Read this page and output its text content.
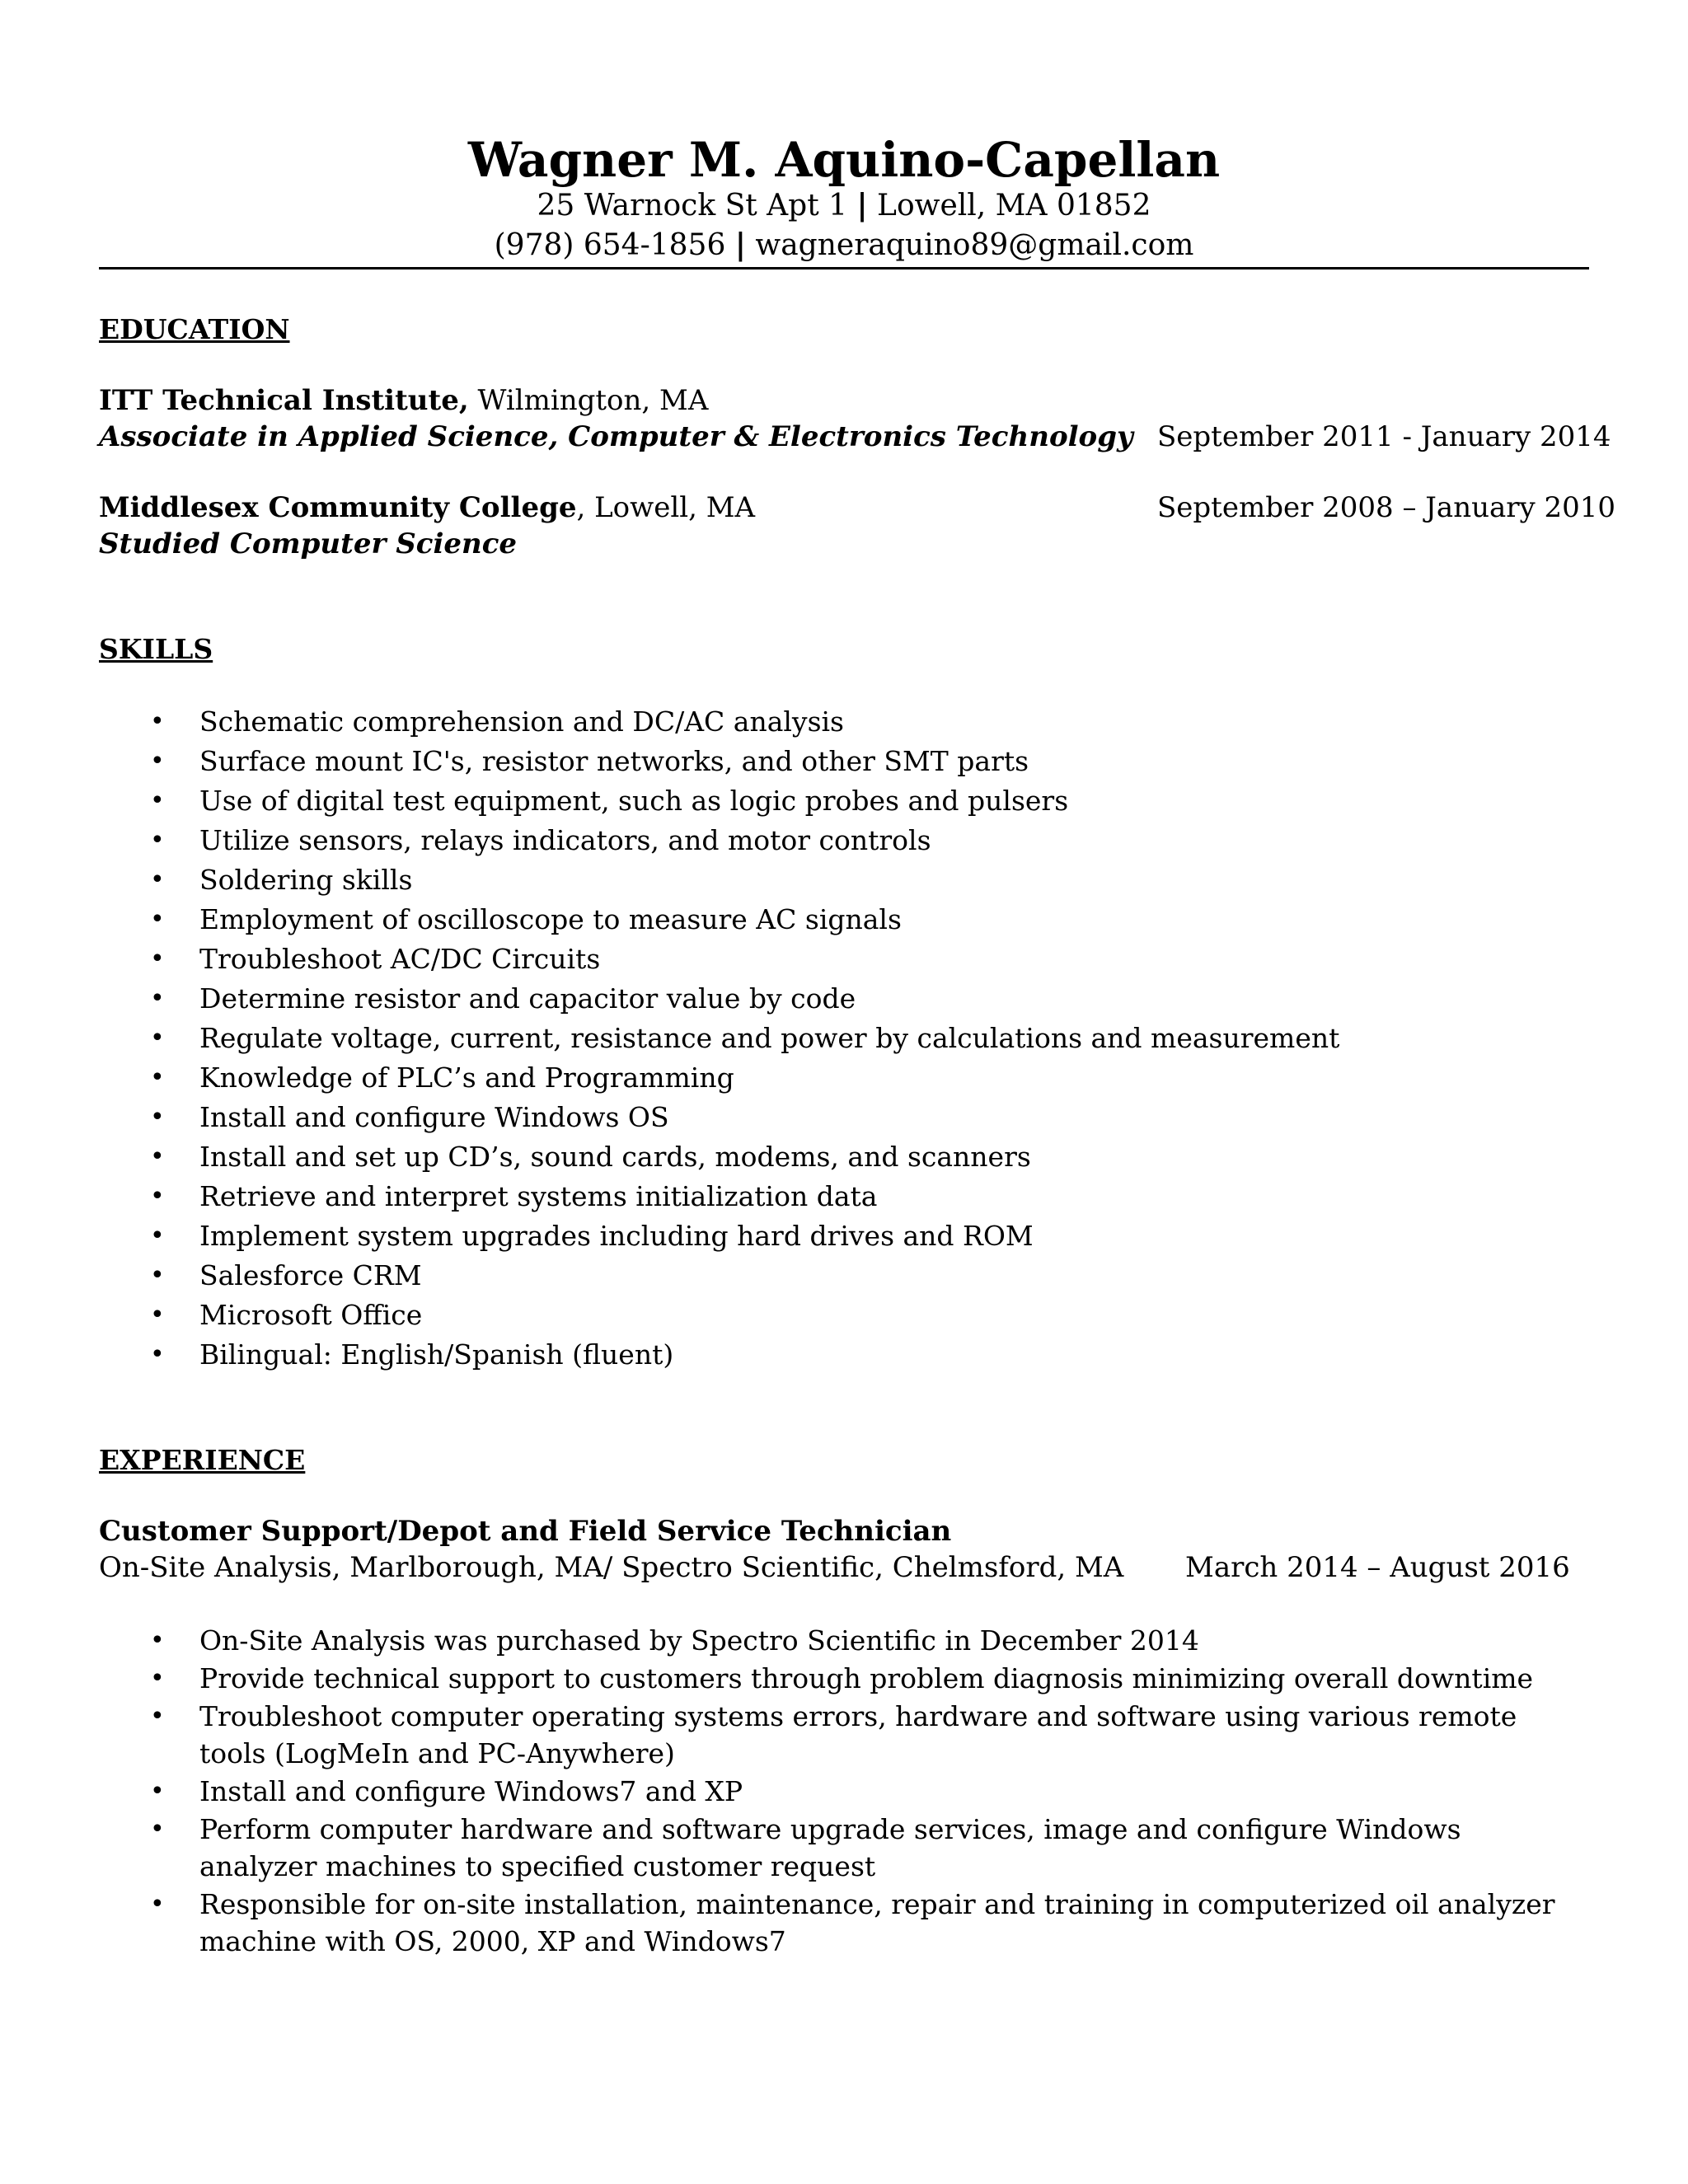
Wagner M. Aquino-Capellan
25 Warnock St Apt 1 | Lowell, MA 01852
(978) 654-1856 | wagneraquino89@gmail.com
EDUCATION
ITT Technical Institute, Wilmington, MA
Associate in Applied Science, Computer & Electronics Technology September 2011 - January 2014
Middlesex Community College, Lowell, MA	September 2008 – January 2010
Studied Computer Science
SKILLS
• Schematic comprehension and DC/AC analysis
• Surface mount IC's, resistor networks, and other SMT parts
• Use of digital test equipment, such as logic probes and pulsers
• Utilize sensors, relays indicators, and motor controls
• Soldering skills
• Employment of oscilloscope to measure AC signals
• Troubleshoot AC/DC Circuits
• Determine resistor and capacitor value by code
• Regulate voltage, current, resistance and power by calculations and measurement
• Knowledge of PLC’s and Programming
• Install and configure Windows OS
• Install and set up CD’s, sound cards, modems, and scanners
• Retrieve and interpret systems initialization data
• Implement system upgrades including hard drives and ROM
• Salesforce CRM
• Microsoft Office
• Bilingual: English/Spanish (fluent)
EXPERIENCE
Customer Support/Depot and Field Service Technician
On-Site Analysis, Marlborough, MA/ Spectro Scientific, Chelmsford, MA March 2014 – August 2016
• On-Site Analysis was purchased by Spectro Scientific in December 2014
• Provide technical support to customers through problem diagnosis minimizing overall downtime
• Troubleshoot computer operating systems errors, hardware and software using various remote tools (LogMeIn and PC-Anywhere)
• Install and configure Windows7 and XP
• Perform computer hardware and software upgrade services, image and configure Windows analyzer machines to specified customer request
• Responsible for on-site installation, maintenance, repair and training in computerized oil analyzer machine with OS, 2000, XP and Windows7
